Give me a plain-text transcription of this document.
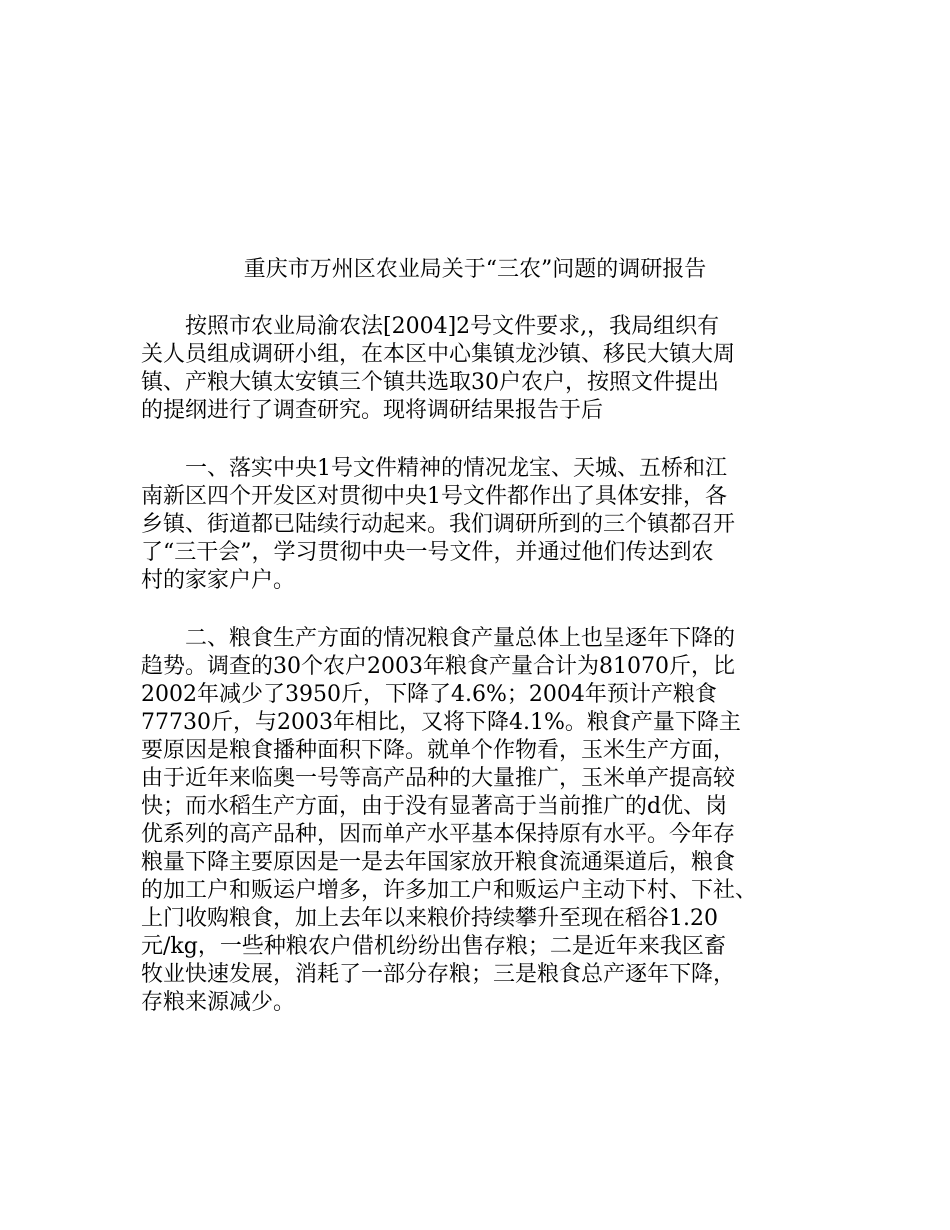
重庆市万州区农业局关于“三农”问题的调研报告
　　按照市农业局渝农法[2004]2号文件要求,，我局组织有
关人员组成调研小组，在本区中心集镇龙沙镇、移民大镇大周
镇、产粮大镇太安镇三个镇共选取30户农户，按照文件提出
的提纲进行了调查研究。现将调研结果报告于后
　　一、落实中央1号文件精神的情况龙宝、天城、五桥和江
南新区四个开发区对贯彻中央1号文件都作出了具体安排，各
乡镇、街道都已陆续行动起来。我们调研所到的三个镇都召开
了“三干会”，学习贯彻中央一号文件，并通过他们传达到农
村的家家户户。
　　二、粮食生产方面的情况粮食产量总体上也呈逐年下降的
趋势。调查的30个农户2003年粮食产量合计为81070斤，比
2002年减少了3950斤，下降了4.6%；2004年预计产粮食
77730斤，与2003年相比，又将下降4.1%。粮食产量下降主
要原因是粮食播种面积下降。就单个作物看，玉米生产方面，
由于近年来临奥一号等高产品种的大量推广，玉米单产提高较
快；而水稻生产方面，由于没有显著高于当前推广的d优、岗
优系列的高产品种，因而单产水平基本保持原有水平。今年存
粮量下降主要原因是一是去年国家放开粮食流通渠道后，粮食
的加工户和贩运户增多，许多加工户和贩运户主动下村、下社、
上门收购粮食，加上去年以来粮价持续攀升至现在稻谷1.20
元/kg，一些种粮农户借机纷纷出售存粮；二是近年来我区畜
牧业快速发展，消耗了一部分存粮；三是粮食总产逐年下降，
存粮来源减少。
